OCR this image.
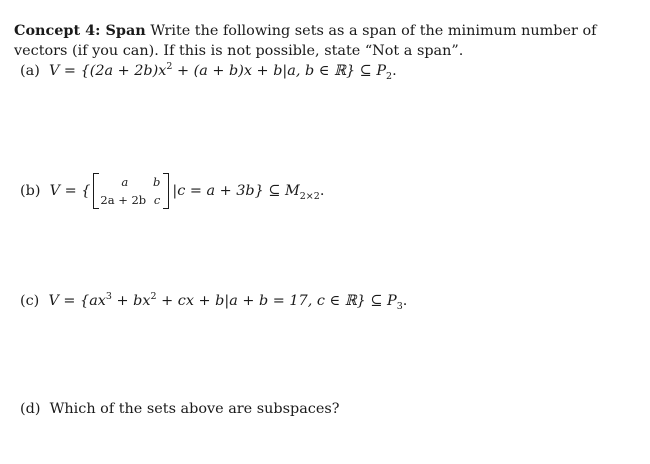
Concept 4: Span Write the following sets as a span of the minimum number of vectors (if you can). If this is not possible, state “Not a span”.
(a) $V = \{(2a + 2b)x^2 + (a + b)x + b|a$, b ∈ ℝ} ⊆ $P_2$.
(b) V = {
a b
2a + 2b c
|c = a + 3b} ⊆ $M_{2\times 2}$.
(c) $V = \{ax^3 + bx^2$ + cx + b|a + b = 17, c ∈ ℝ} ⊆ $P_3$.
(d) Which of the sets above are subspaces?
